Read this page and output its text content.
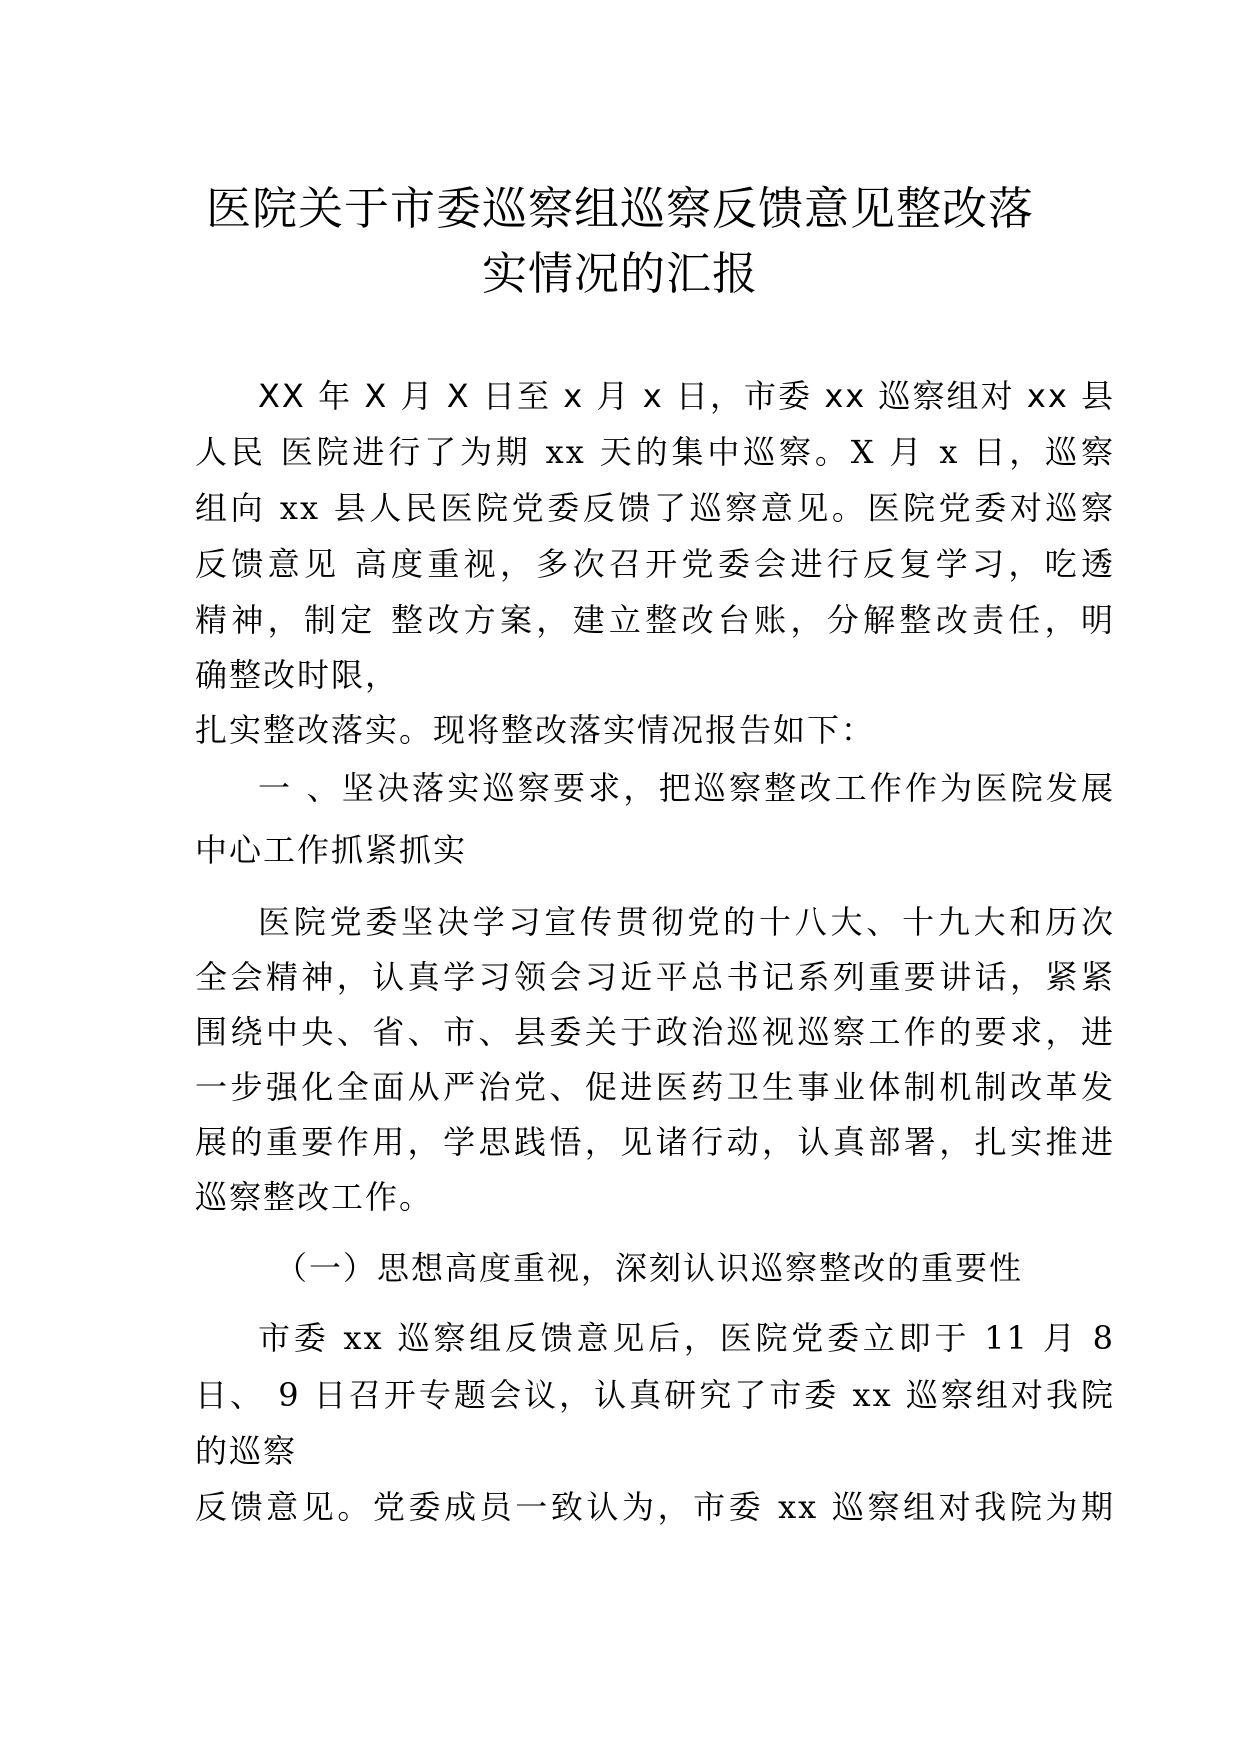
医院关于市委巡察组巡察反馈意见整改落
实情况的汇报
XX 年 X 月 X 日至 x 月 x 日，市委 xx 巡察组对 xx 县
人民 医院进行了为期 xx 天的集中巡察。X 月 x 日，巡察
组向 xx 县人民医院党委反馈了巡察意见。医院党委对巡察
反馈意见 高度重视，多次召开党委会进行反复学习，吃透
精神，制定 整改方案，建立整改台账，分解整改责任，明
确整改时限，
扎实整改落实。现将整改落实情况报告如下：
一 、坚决落实巡察要求，把巡察整改工作作为医院发展
中心工作抓紧抓实
医院党委坚决学习宣传贯彻党的十八大、十九大和历次
全会精神，认真学习领会习近平总书记系列重要讲话，紧紧
围绕中央、省、市、县委关于政治巡视巡察工作的要求，进
一步强化全面从严治党、促进医药卫生事业体制机制改革发
展的重要作用，学思践悟，见诸行动，认真部署，扎实推进
巡察整改工作。
（一）思想高度重视，深刻认识巡察整改的重要性
市委 xx 巡察组反馈意见后，医院党委立即于 11 月 8
日、 9 日召开专题会议，认真研究了市委 xx 巡察组对我院
的巡察
反馈意见。党委成员一致认为，市委 xx 巡察组对我院为期
